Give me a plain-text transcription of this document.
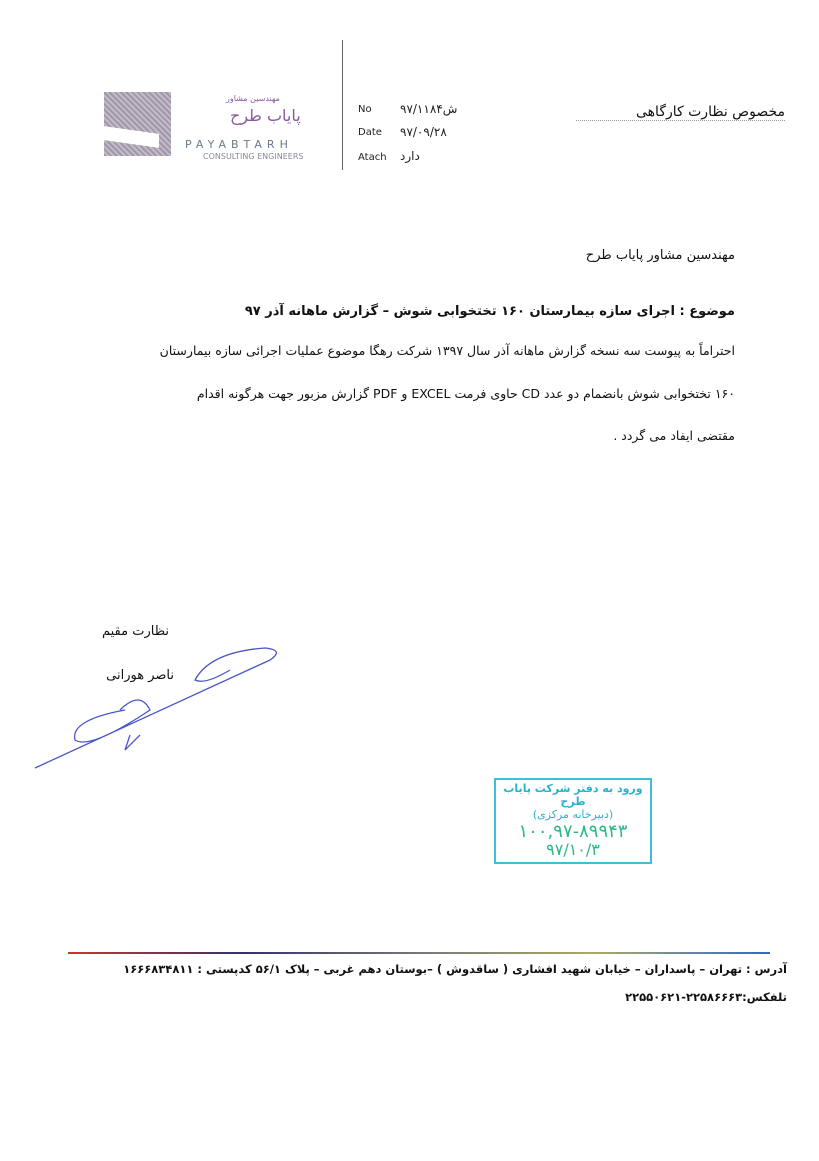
مهندسین مشاور
پایاب طرح
PAYABTARH
CONSULTING ENGINEERS
No ۹۷/۱۱۸۴ش
Date ۹۷/۰۹/۲۸
Atach دارد
مخصوص نظارت کارگاهی
مهندسین مشاور پایاب طرح
موضوع : اجرای سازه بیمارستان ۱۶۰ تختخوابی شوش – گزارش ماهانه آذر ۹۷
احتراماً به پیوست سه نسخه گزارش ماهانه آذر سال ۱۳۹۷ شرکت رهگا موضوع عملیات اجرائی سازه بیمارستان
۱۶۰ تختخوابی شوش بانضمام دو عدد CD حاوی فرمت EXCEL و PDF گزارش مزبور جهت هرگونه اقدام
مقتضی ایفاد می گردد .
نظارت مقیم
ناصر هورانی
ورود به دفتر شرکت پایاب طرح
(دبیرخانه مرکزی)
۱۰۰,۹۷-۸۹۹۴۳
۹۷/۱۰/۳
آدرس : تهران – پاسداران – خیابان شهید افشاری ( ساقدوش ) –بوستان دهم غربی – پلاک ۵۶/۱ کدپستی : ۱۶۶۶۸۳۴۸۱۱
تلفکس:۲۲۵۸۶۶۶۳-۲۲۵۵۰۶۲۱
